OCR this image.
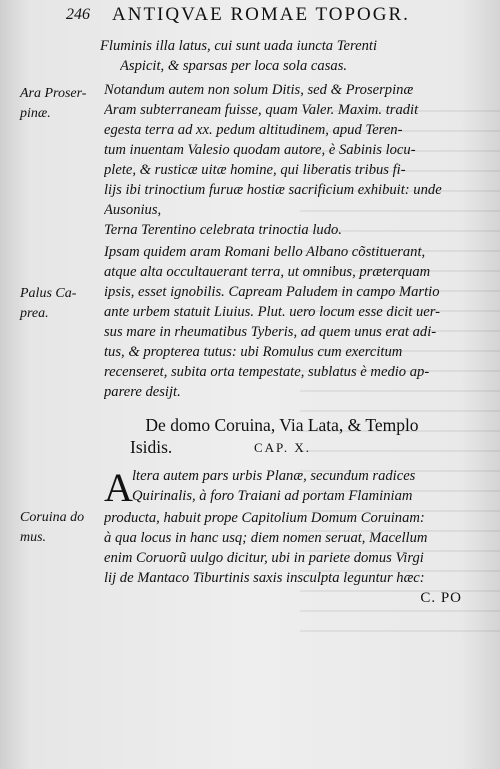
246 ANTIQVAE ROMAE TOPOGR.
Ara Proser-
pinæ.
Palus Ca-
prea.
Coruina do
mus.
Fluminis illa latus, cui sunt uada iuncta Terenti
Aspicit, & sparsas per loca sola casas.
Notandum autem non solum Ditis, sed & Proserpinæ
Aram subterraneam fuisse, quam Valer. Maxim. tradit
egesta terra ad xx. pedum altitudinem, apud Teren-
tum inuentam Valesio quodam autore, è Sabinis locu-
plete, & rusticæ uitæ homine, qui liberatis tribus fi-
lijs ibi trinoctium furuæ hostiæ sacrificium exhibuit: unde
Ausonius,
Terna Terentino celebrata trinoctia ludo.
Ipsam quidem aram Romani bello Albano cõstituerant,
atque alta occultauerant terra, ut omnibus, præterquam
ipsis, esset ignobilis. Capream Paludem in campo Martio
ante urbem statuit Liuius. Plut. uero locum esse dicit uer-
sus mare in rheumatibus Tyberis, ad quem unus erat adi-
tus, & propterea tutus: ubi Romulus cum exercitum
recenseret, subita orta tempestate, sublatus è medio ap-
parere desijt.
De domo Coruina, Via Lata, & Templo
Isidis.	CAP. X.
A ltera autem pars urbis Planæ, secundum radices
Quirinalis, à foro Traiani ad portam Flaminiam
producta, habuit prope Capitolium Domum Coruinam:
à qua locus in hanc usq; diem nomen seruat, Macellum
enim Coruorũ uulgo dicitur, ubi in pariete domus Virgi
lij de Mantaco Tiburtinis saxis insculpta leguntur hæc:
C. PO
